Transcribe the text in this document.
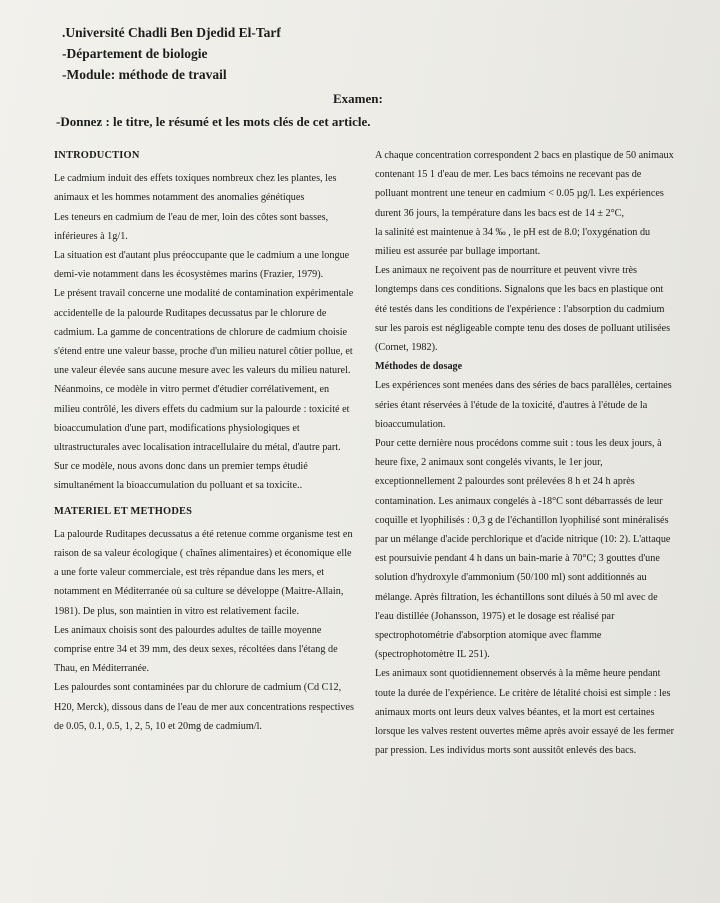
.Université Chadli Ben Djedid El-Tarf
-Département de biologie
-Module: méthode de travail
Examen:
-Donnez : le titre, le résumé et les mots clés de cet article.

INTRODUCTION

Le cadmium induit des effets toxiques nombreux chez les plantes, les animaux et les hommes notamment des anomalies génétiques

Les teneurs en cadmium de l'eau de mer, loin des côtes sont basses, inférieures à 1g/1.

La situation est d'autant plus préoccupante que le cadmium a une longue demi-vie notamment dans les écosystèmes marins (Frazier, 1979).

Le présent travail concerne une modalité de contamination expérimentale accidentelle de la palourde Ruditapes decussatus par le chlorure de cadmium. La gamme de concentrations de chlorure de cadmium choisie s'étend entre une valeur basse, proche d'un milieu naturel côtier pollue, et une valeur élevée sans aucune mesure avec les valeurs du milieu naturel. Néanmoins, ce modèle in vitro permet d'étudier corrélativement, en milieu contrôlé, les divers effets du cadmium sur la palourde : toxicité et bioaccumulation d'une part, modifications physiologiques et ultrastructurales avec localisation intracellulaire du métal, d'autre part.

Sur ce modèle, nous avons donc dans un premier temps étudié simultanément la bioaccumulation du polluant et sa toxicite..

MATERIEL ET METHODES

La palourde Ruditapes decussatus a été retenue comme organisme test en raison de sa valeur écologique ( chaînes alimentaires) et économique elle a une forte valeur commerciale, est très répandue dans les mers, et notamment en Méditerranée où sa culture se développe (Maitre-Allain, 1981). De plus, son maintien in vitro est relativement facile.

Les animaux choisis sont des palourdes adultes de taille moyenne comprise entre 34 et 39 mm, des deux sexes, récoltées dans l'étang de Thau, en Méditerranée.

Les palourdes sont contaminées par du chlorure de cadmium (Cd C12, H20, Merck), dissous dans de l'eau de mer aux concentrations respectives de 0.05, 0.1, 0.5, 1, 2, 5, 10 et 20mg de cadmium/l.

A chaque concentration correspondent 2 bacs en plastique de 50 animaux contenant 15 1 d'eau de mer. Les bacs témoins ne recevant pas de polluant montrent une teneur en cadmium < 0.05 µg/l. Les expériences durent 36 jours, la température dans les bacs est de 14 ± 2°C,

la salinité est maintenue à 34 ‰ , le pH est de 8.0; l'oxygénation du milieu est assurée par bullage important.

Les animaux ne reçoivent pas de nourriture et peuvent vivre très longtemps dans ces conditions. Signalons que les bacs en plastique ont été testés dans les conditions de l'expérience : l'absorption du cadmium sur les parois est négligeable compte tenu des doses de polluant utilisées (Cornet, 1982).

Méthodes de dosage

Les expériences sont menées dans des séries de bacs parallèles, certaines séries étant réservées à l'étude de la toxicité, d'autres à l'étude de la bioaccumulation.

Pour cette dernière nous procédons comme suit : tous les deux jours, à heure fixe, 2 animaux sont congelés vivants, le 1er jour, exceptionnellement 2 palourdes sont prélevées 8 h et 24 h après contamination. Les animaux congelés à -18°C sont débarrassés de leur coquille et lyophilisés : 0,3 g de l'échantillon lyophilisé sont minéralisés par un mélange d'acide perchlorique et d'acide nitrique (10: 2). L'attaque est poursuivie pendant 4 h dans un bain-marie à 70°C; 3 gouttes d'une solution d'hydroxyle d'ammonium (50/100 ml) sont additionnés au mélange. Après filtration, les échantillons sont dilués à 50 ml avec de l'eau distillée (Johansson, 1975) et le dosage est réalisé par spectrophotométrie d'absorption atomique avec flamme (spectrophotomètre IL 251).

Les animaux sont quotidiennement observés à la même heure pendant toute la durée de l'expérience. Le critère de létalité choisi est simple : les animaux morts ont leurs deux valves béantes, et la mort est certaines lorsque les valves restent ouvertes même après avoir essayé de les fermer par pression. Les individus morts sont aussitôt enlevés des bacs.
